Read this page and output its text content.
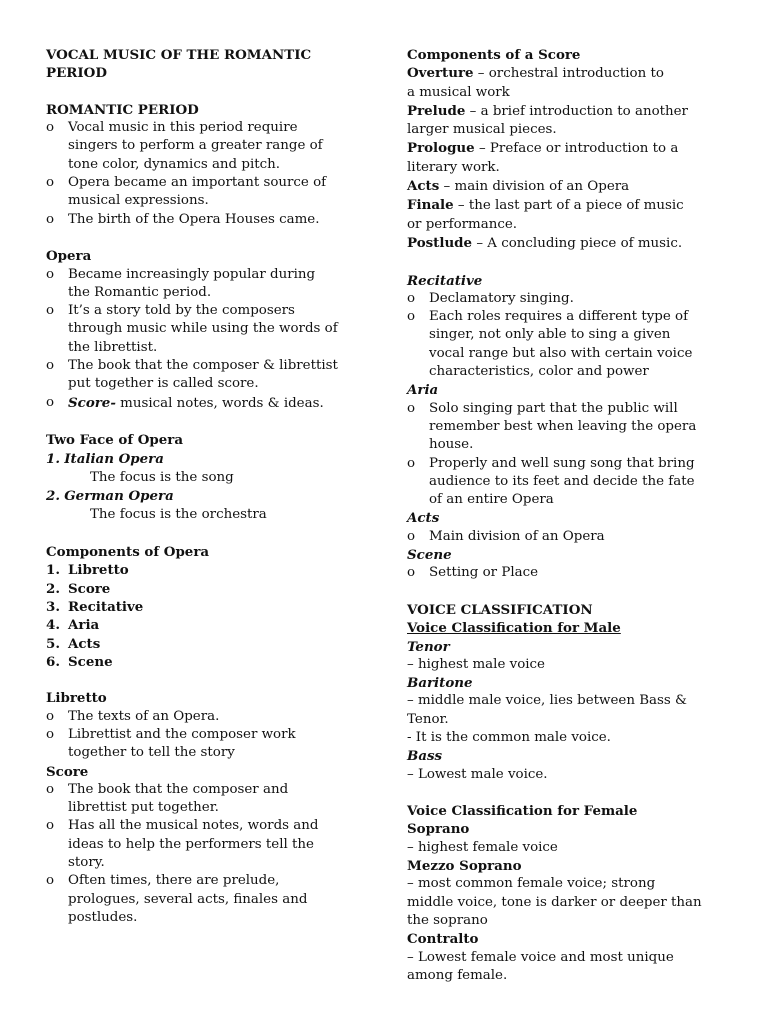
VOCAL MUSIC OF THE ROMANTIC

PERIOD

ROMANTIC PERIOD

o Vocal music in this period require

singers to perform a greater range of

tone color, dynamics and pitch.

o Opera became an important source of

musical expressions.

o The birth of the Opera Houses came.

Opera

o Became increasingly popular during

the Romantic period.

o It’s a story told by the composers

through music while using the words of

the librettist.

o The book that the composer & librettist

put together is called score.

o Score- musical notes, words & ideas.

Two Face of Opera

1. Italian Opera

The focus is the song

2. German Opera

The focus is the orchestra

Components of Opera

1. Libretto

2. Score

3. Recitative

4. Aria

5. Acts

6. Scene

Libretto

o The texts of an Opera.

o Librettist and the composer work

together to tell the story

Score

o The book that the composer and

librettist put together.

o Has all the musical notes, words and

ideas to help the performers tell the

story.

o Often times, there are prelude,

prologues, several acts, finales and

postludes.

Components of a Score

Overture – orchestral introduction to

a musical work

Prelude – a brief introduction to another

larger musical pieces.

Prologue – Preface or introduction to a

literary work.

Acts – main division of an Opera

Finale – the last part of a piece of music

or performance.

Postlude – A concluding piece of music.

Recitative

o Declamatory singing.

o Each roles requires a different type of

singer, not only able to sing a given

vocal range but also with certain voice

characteristics, color and power

Aria

o Solo singing part that the public will

remember best when leaving the opera

house.

o Properly and well sung song that bring

audience to its feet and decide the fate

of an entire Opera

Acts

o Main division of an Opera

Scene

o Setting or Place

VOICE CLASSIFICATION

Voice Classification for Male

Tenor

– highest male voice

Baritone

– middle male voice, lies between Bass &

Tenor.

- It is the common male voice.

Bass

– Lowest male voice.

Voice Classification for Female

Soprano

– highest female voice

Mezzo Soprano

– most common female voice; strong

middle voice, tone is darker or deeper than

the soprano

Contralto

– Lowest female voice and most unique

among female.
